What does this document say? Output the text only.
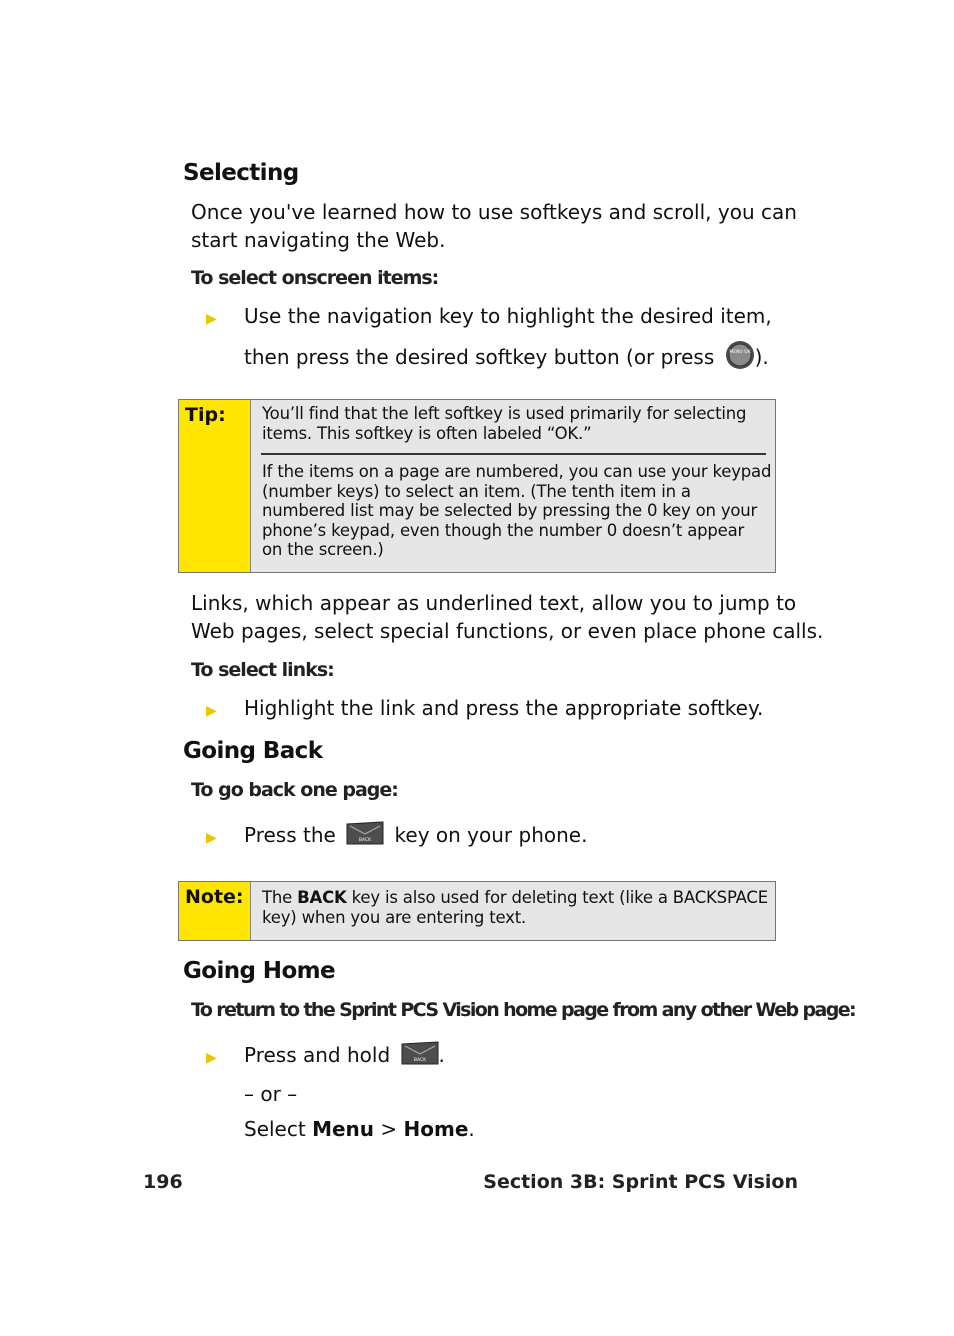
Selecting
Once you've learned how to use softkeys and scroll, you can
start navigating the Web.
To select onscreen items:
▶ Use the navigation key to highlight the desired item,
then press the desired softkey button (or press	MENU OK ).
Tip: You’ll find that the left softkey is used primarily for selecting
items. This softkey is often labeled “OK.”
If the items on a page are numbered, you can use your keypad
(number keys) to select an item. (The tenth item in a
numbered list may be selected by pressing the 0 key on your
phone’s keypad, even though the number 0 doesn’t appear
on the screen.)
Links, which appear as underlined text, allow you to jump to
Web pages, select special functions, or even place phone calls.
To select links:
▶ Highlight the link and press the appropriate softkey.
Going Back
To go back one page:
▶ Press the	BACK key on your phone.
Note: The BACK key is also used for deleting text (like a BACKSPACE
key) when you are entering text.
Going Home
To return to the Sprint PCS Vision home page from any other Web page:
▶ Press and hold	BACK .
– or –
Select Menu > Home.
196	Section 3B: Sprint PCS Vision
